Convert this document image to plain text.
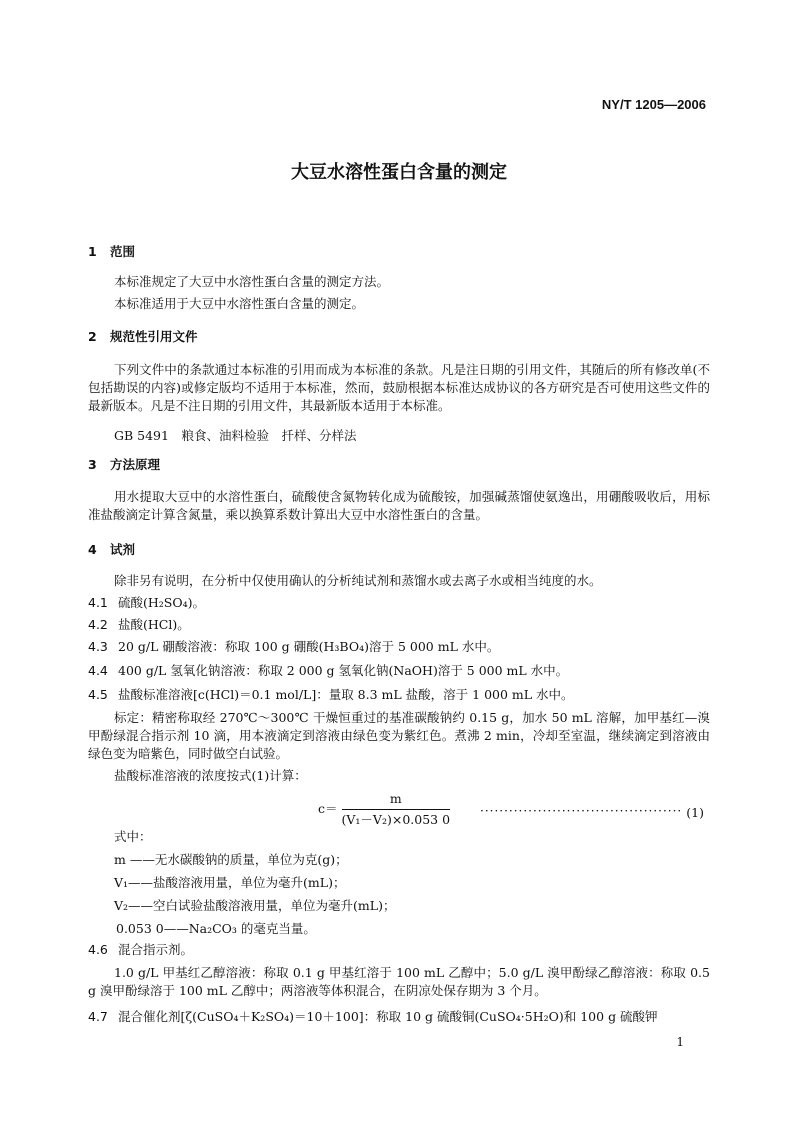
NY/T 1205—2006
大豆水溶性蛋白含量的测定
1 范围
本标准规定了大豆中水溶性蛋白含量的测定方法。
本标准适用于大豆中水溶性蛋白含量的测定。
2 规范性引用文件
下列文件中的条款通过本标准的引用而成为本标准的条款。凡是注日期的引用文件，其随后的所有修改单(不包括勘误的内容)或修定版均不适用于本标准，然而，鼓励根据本标准达成协议的各方研究是否可使用这些文件的最新版本。凡是不注日期的引用文件，其最新版本适用于本标准。
GB 5491　粮食、油料检验　扦样、分样法
3 方法原理
用水提取大豆中的水溶性蛋白，硫酸使含氮物转化成为硫酸铵，加强碱蒸馏使氨逸出，用硼酸吸收后，用标准盐酸滴定计算含氮量，乘以换算系数计算出大豆中水溶性蛋白的含量。
4 试剂
除非另有说明，在分析中仅使用确认的分析纯试剂和蒸馏水或去离子水或相当纯度的水。
4.1 硫酸(H₂SO₄)。
4.2 盐酸(HCl)。
4.3 20 g/L 硼酸溶液：称取 100 g 硼酸(H₃BO₄)溶于 5 000 mL 水中。
4.4 400 g/L 氢氧化钠溶液：称取 2 000 g 氢氧化钠(NaOH)溶于 5 000 mL 水中。
4.5 盐酸标准溶液[c(HCl)＝0.1 mol/L]：量取 8.3 mL 盐酸，溶于 1 000 mL 水中。
标定：精密称取经 270℃～300℃ 干燥恒重过的基准碳酸钠约 0.15 g，加水 50 mL 溶解，加甲基红—溴甲酚绿混合指示剂 10 滴，用本液滴定到溶液由绿色变为紫红色。煮沸 2 min，冷却至室温，继续滴定到溶液由绿色变为暗紫色，同时做空白试验。
盐酸标准溶液的浓度按式(1)计算：
$c= \frac{m}{\text{(V₁－V₂)×0.053 0}}$ ·········································· (1)
式中：
m ——无水碳酸钠的质量，单位为克(g)；
V₁——盐酸溶液用量，单位为毫升(mL)；
V₂——空白试验盐酸溶液用量，单位为毫升(mL)；
0.053 0——Na₂CO₃ 的毫克当量。
4.6 混合指示剂。
1.0 g/L 甲基红乙醇溶液：称取 0.1 g 甲基红溶于 100 mL 乙醇中；5.0 g/L 溴甲酚绿乙醇溶液：称取 0.5 g 溴甲酚绿溶于 100 mL 乙醇中；两溶液等体积混合，在阴凉处保存期为 3 个月。
4.7 混合催化剂[ζ(CuSO₄＋K₂SO₄)＝10＋100]：称取 10 g 硫酸铜(CuSO₄·5H₂O)和 100 g 硫酸钾
1
